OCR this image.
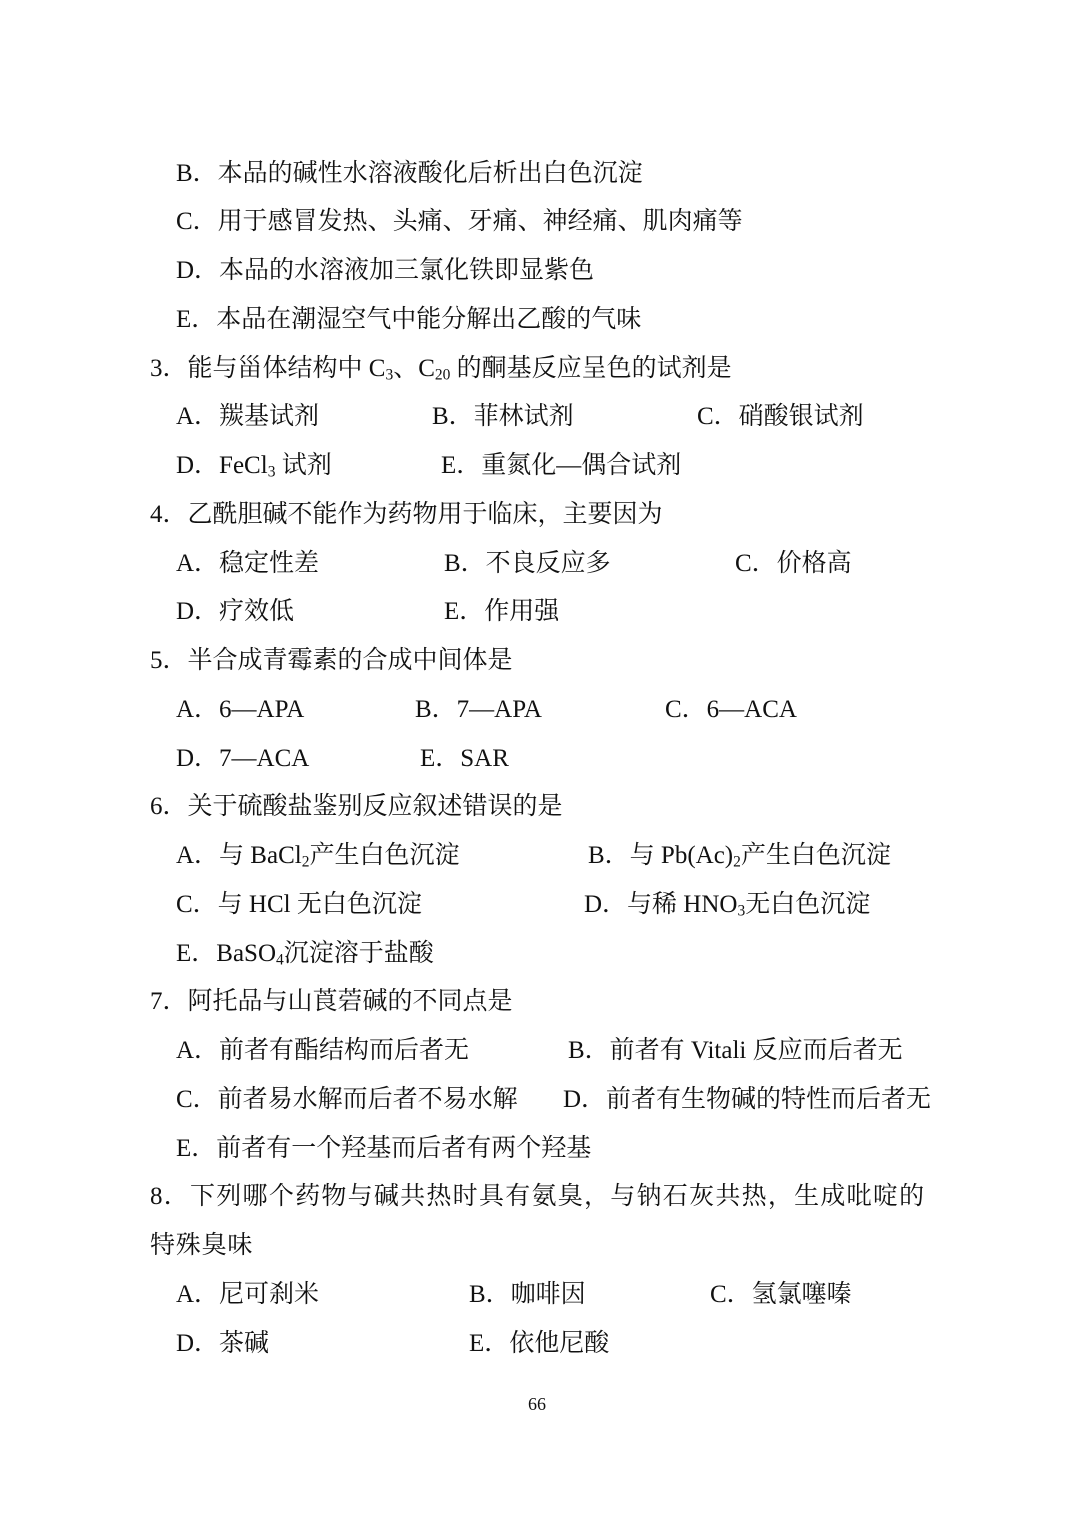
B．本品的碱性水溶液酸化后析出白色沉淀
C．用于感冒发热、头痛、牙痛、神经痛、肌肉痛等
D．本品的水溶液加三氯化铁即显紫色
E．本品在潮湿空气中能分解出乙酸的气味
3．能与甾体结构中 $C_3$、$C_{20}$ 的酮基反应呈色的试剂是
A．羰基试剂	B．菲林试剂	C．硝酸银试剂
D．FeCl$_3$ 试剂	E．重氮化—偶合试剂
4．乙酰胆碱不能作为药物用于临床，主要因为
A．稳定性差	B．不良反应多	C．价格高
D．疗效低	E．作用强
5．半合成青霉素的合成中间体是
A．6—APA	B．7—APA	C．6—ACA
D．7—ACA	E．SAR
6．关于硫酸盐鉴别反应叙述错误的是
A．与 BaCl$_2$产生白色沉淀	B．与 $Pb(Ac)_2$产生白色沉淀
C．与 HCl 无白色沉淀	D．与稀 $HNO_3$无白色沉淀
E．BaSO$_4$沉淀溶于盐酸
7．阿托品与山莨菪碱的不同点是
A．前者有酯结构而后者无	B．前者有 Vitali 反应而后者无
C．前者易水解而后者不易水解 D．前者有生物碱的特性而后者无
E．前者有一个羟基而后者有两个羟基
8．下列哪个药物与碱共热时具有氨臭，与钠石灰共热，生成吡啶的特殊臭味
A．尼可刹米	B．咖啡因	C．氢氯噻嗪
D．茶碱	E．依他尼酸
66
